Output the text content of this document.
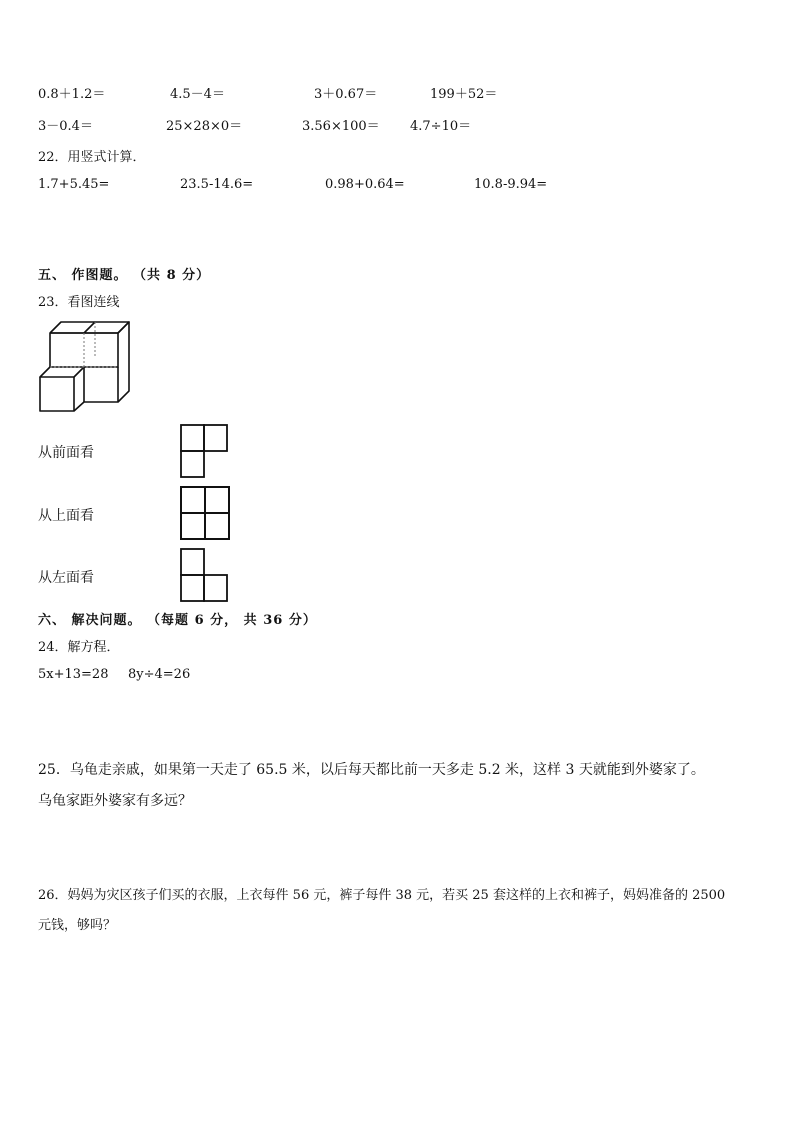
0.8＋1.2＝	4.5－4＝	3＋0.67＝	199＋52＝
3－0.4＝	25×28×0＝	3.56×100＝ 4.7÷10＝
22．用竖式计算．
1.7+5.45=	23.5-14.6=	0.98+0.64=	10.8-9.94=
五、 作图题。 （共 8 分）
23．看图连线
从前面看
从上面看
从左面看
六、 解决问题。 （每题 6 分， 共 36 分）
24．解方程．
5x+13=28 8y÷4=26
25．乌龟走亲戚，如果第一天走了 65.5 米，以后每天都比前一天多走 5.2 米，这样 3 天就能到外婆家了。
乌龟家距外婆家有多远？
26．妈妈为灾区孩子们买的衣服，上衣每件 56 元，裤子每件 38 元，若买 25 套这样的上衣和裤子，妈妈准备的 2500
元钱，够吗？
